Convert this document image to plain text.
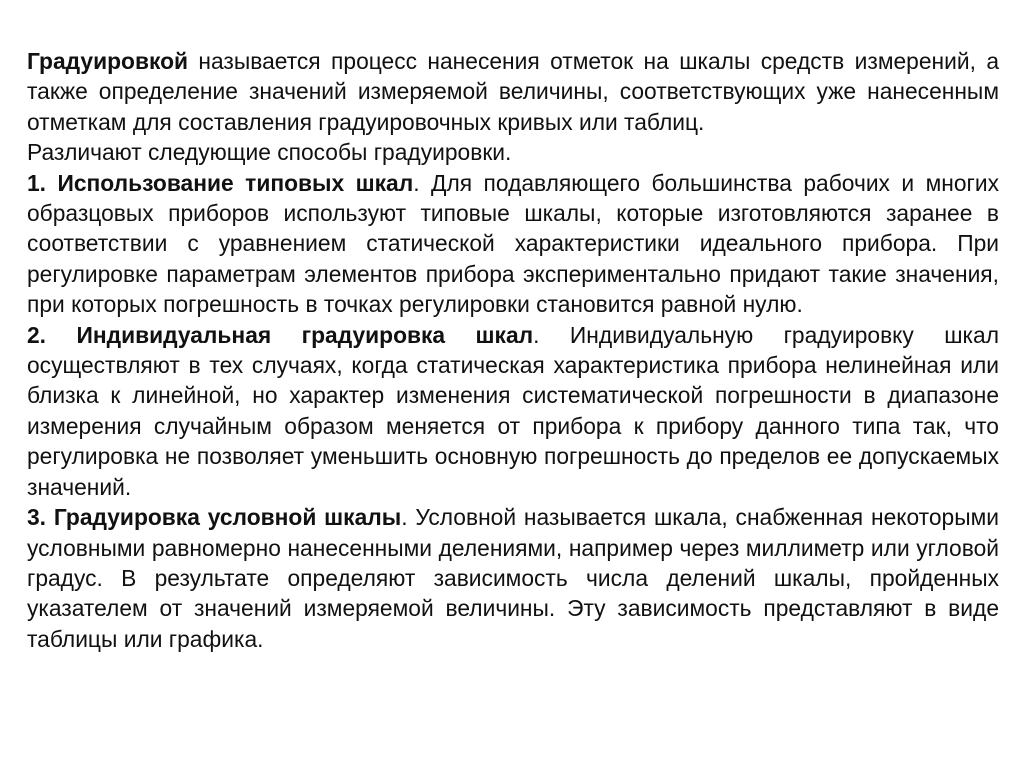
Градуировкой называется процесс нанесения отметок на шкалы средств измерений, а также определение значений измеряемой величины, соответствующих уже нанесенным отметкам для составления градуировочных кривых или таблиц.

Различают следующие способы градуировки.

1. Использование типовых шкал. Для подавляющего большинства рабочих и многих образцовых приборов используют типовые шкалы, которые изготовляются заранее в соответствии с уравнением статической характеристики идеального прибора. При регулировке параметрам элементов прибора экспериментально придают такие значения, при которых погрешность в точках регулировки становится равной нулю.

2. Индивидуальная градуировка шкал. Индивидуальную градуировку шкал осуществляют в тех случаях, когда статическая характеристика прибора нелинейная или близка к линейной, но характер изменения систематической погрешности в диапазоне измерения случайным образом меняется от прибора к прибору данного типа так, что регулировка не позволяет уменьшить основную погрешность до пределов ее допускаемых значений.

3. Градуировка условной шкалы. Условной называется шкала, снабженная некоторыми условными равномерно нанесенными делениями, например через миллиметр или угловой градус. В результате определяют зависимость числа делений шкалы, пройденных указателем от значений измеряемой величины. Эту зависимость представляют в виде таблицы или графика.
